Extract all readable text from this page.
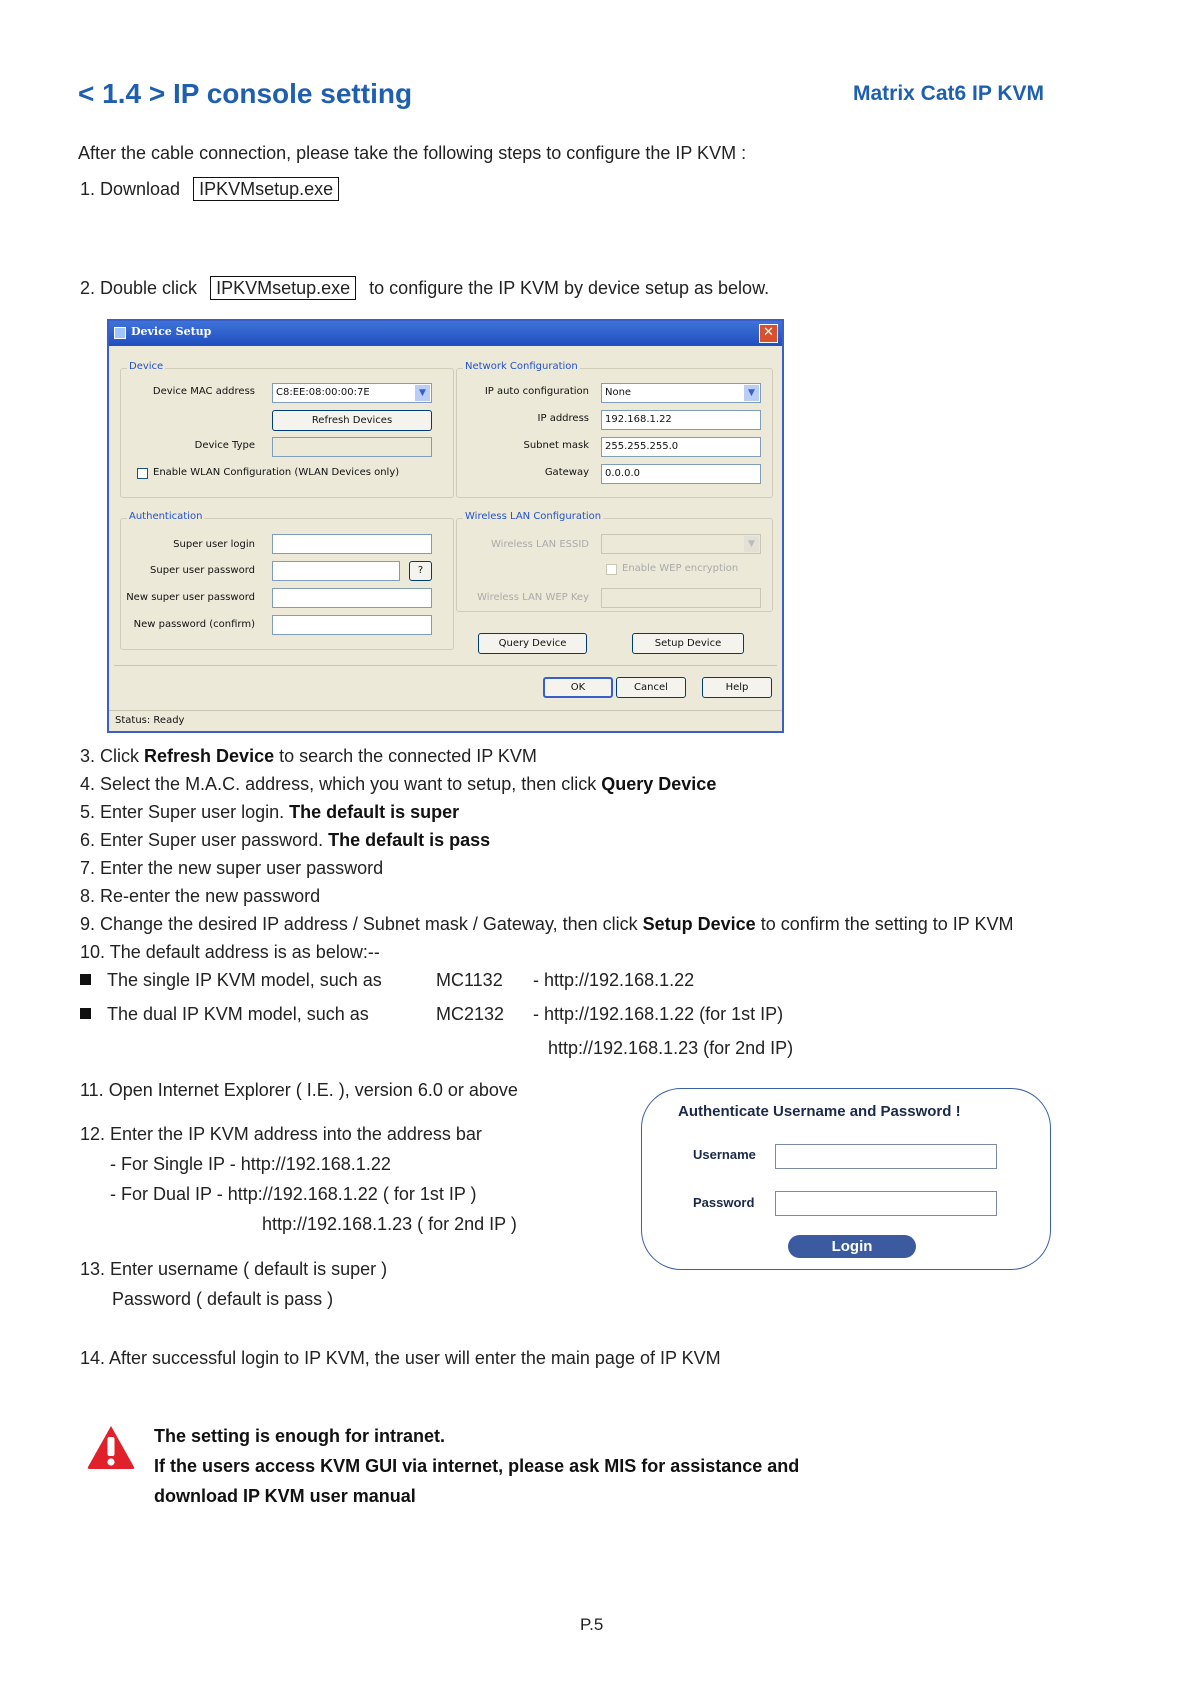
< 1.4 > IP console setting	Matrix Cat6 IP KVM
After the cable connection, please take the following steps to configure the IP KVM :
1. Download IPKVMsetup.exe
2. Double click IPKVMsetup.exe to configure the IP KVM by device setup as below.
Device Setup	✕
Device
Device MAC address	C8:EE:08:00:00:7E	▼
Refresh Devices
Device Type
Enable WLAN Configuration (WLAN Devices only)
Network Configuration
IP auto configuration	None	▼
IP address	192.168.1.22
Subnet mask	255.255.255.0
Gateway	0.0.0.0
Authentication
Super user login
Super user password	?
New super user password
New password (confirm)
Wireless LAN Configuration
Wireless LAN ESSID	▼
Enable WEP encryption
Wireless LAN WEP Key
Query Device	Setup Device
OK	Cancel	Help
Status: Ready
3. Click Refresh Device to search the connected IP KVM
4. Select the M.A.C. address, which you want to setup, then click Query Device
5. Enter Super user login. The default is super
6. Enter Super user password. The default is pass
7. Enter the new super user password
8. Re-enter the new password
9. Change the desired IP address / Subnet mask / Gateway, then click Setup Device to confirm the setting to IP KVM
10. The default address is as below:--
The single IP KVM model, such as	MC1132 - http://192.168.1.22
The dual IP KVM model, such as	MC2132 - http://192.168.1.22 (for 1st IP)
http://192.168.1.23 (for 2nd IP)
11. Open Internet Explorer ( I.E. ), version 6.0 or above
12. Enter the IP KVM address into the address bar
- For Single IP - http://192.168.1.22
- For Dual IP - http://192.168.1.22 ( for 1st IP )
http://192.168.1.23 ( for 2nd IP )
13. Enter username ( default is super )
Password ( default is pass )
14. After successful login to IP KVM, the user will enter the main page of IP KVM
Authenticate Username and Password !
Username
Password
Login
The setting is enough for intranet.
If the users access KVM GUI via internet, please ask MIS for assistance and
download IP KVM user manual
P.5
